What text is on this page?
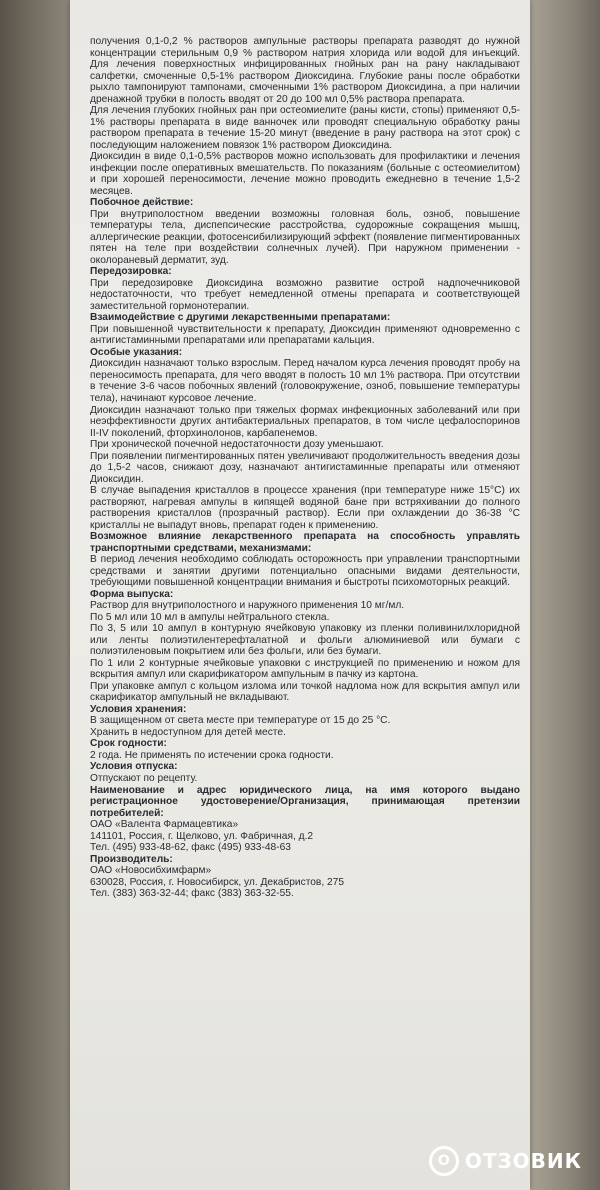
получения 0,1-0,2 % растворов ампульные растворы препарата разводят до нужной концентрации стерильным 0,9 % раствором натрия хлорида или водой для инъекций. Для лечения поверхностных инфицированных гнойных ран на рану накладывают салфетки, смоченные 0,5-1% раствором Диоксидина. Глубокие раны после обработки рыхло тампонируют тампонами, смоченными 1% раствором Диоксидина, а при наличии дренажной трубки в полость вводят от 20 до 100 мл 0,5% раствора препарата.

Для лечения глубоких гнойных ран при остеомиелите (раны кисти, стопы) применяют 0,5-1% растворы препарата в виде ванночек или проводят специальную обработку раны раствором препарата в течение 15-20 минут (введение в рану раствора на этот срок) с последующим наложением повязок 1% раствором Диоксидина.

Диоксидин в виде 0,1-0,5% растворов можно использовать для профилактики и лечения инфекции после оперативных вмешательств. По показаниям (больные с остеомиелитом) и при хорошей переносимости, лечение можно проводить ежедневно в течение 1,5-2 месяцев.

Побочное действие:

При внутриполостном введении возможны головная боль, озноб, повышение температуры тела, диспепсические расстройства, судорожные сокращения мышц, аллергические реакции, фотосенсибилизирующий эффект (появление пигментированных пятен на теле при воздействии солнечных лучей). При наружном применении - околораневый дерматит, зуд.

Передозировка:

При передозировке Диоксидина возможно развитие острой надпочечниковой недостаточности, что требует немедленной отмены препарата и соответствующей заместительной гормонотерапии.

Взаимодействие с другими лекарственными препаратами:

При повышенной чувствительности к препарату, Диоксидин применяют одновременно с антигистаминными препаратами или препаратами кальция.

Особые указания:

Диоксидин назначают только взрослым. Перед началом курса лечения проводят пробу на переносимость препарата, для чего вводят в полость 10 мл 1% раствора. При отсутствии в течение 3-6 часов побочных явлений (головокружение, озноб, повышение температуры тела), начинают курсовое лечение.

Диоксидин назначают только при тяжелых формах инфекционных заболеваний или при неэффективности других антибактериальных препаратов, в том числе цефалоспоринов II-IV поколений, фторхинолонов, карбапенемов.

При хронической почечной недостаточности дозу уменьшают.

При появлении пигментированных пятен увеличивают продолжительность введения дозы до 1,5-2 часов, снижают дозу, назначают антигистаминные препараты или отменяют Диоксидин.

В случае выпадения кристаллов в процессе хранения (при температуре ниже 15°С) их растворяют, нагревая ампулы в кипящей водяной бане при встряхивании до полного растворения кристаллов (прозрачный раствор). Если при охлаждении до 36-38 °С кристаллы не выпадут вновь, препарат годен к применению.

Возможное влияние лекарственного препарата на способность управлять транспортными средствами, механизмами:

В период лечения необходимо соблюдать осторожность при управлении транспортными средствами и занятии другими потенциально опасными видами деятельности, требующими повышенной концентрации внимания и быстроты психомоторных реакций.

Форма выпуска:

Раствор для внутриполостного и наружного применения 10 мг/мл.

По 5 мл или 10 мл в ампулы нейтрального стекла.

По 3, 5 или 10 ампул в контурную ячейковую упаковку из пленки поливинилхлоридной или ленты полиэтилентерефталатной и фольги алюминиевой или бумаги с полиэтиленовым покрытием или без фольги, или без бумаги.

По 1 или 2 контурные ячейковые упаковки с инструкцией по применению и ножом для вскрытия ампул или скарификатором ампульным в пачку из картона.

При упаковке ампул с кольцом излома или точкой надлома нож для вскрытия ампул или скарификатор ампульный не вкладывают.

Условия хранения:

В защищенном от света месте при температуре от 15 до 25 °С.

Хранить в недоступном для детей месте.

Срок годности:

2 года. Не применять по истечении срока годности.

Условия отпуска:

Отпускают по рецепту.

Наименование и адрес юридического лица, на имя которого выдано регистрационное удостоверение/Организация, принимающая претензии потребителей:

ОАО «Валента Фармацевтика»

141101, Россия, г. Щелково, ул. Фабричная, д.2

Тел. (495) 933-48-62, факс (495) 933-48-63

Производитель:

ОАО «Новосибхимфарм»

630028, Россия, г. Новосибирск, ул. Декабристов, 275

Тел. (383) 363-32-44; факс (383) 363-32-55.

O ОТЗОВИК
